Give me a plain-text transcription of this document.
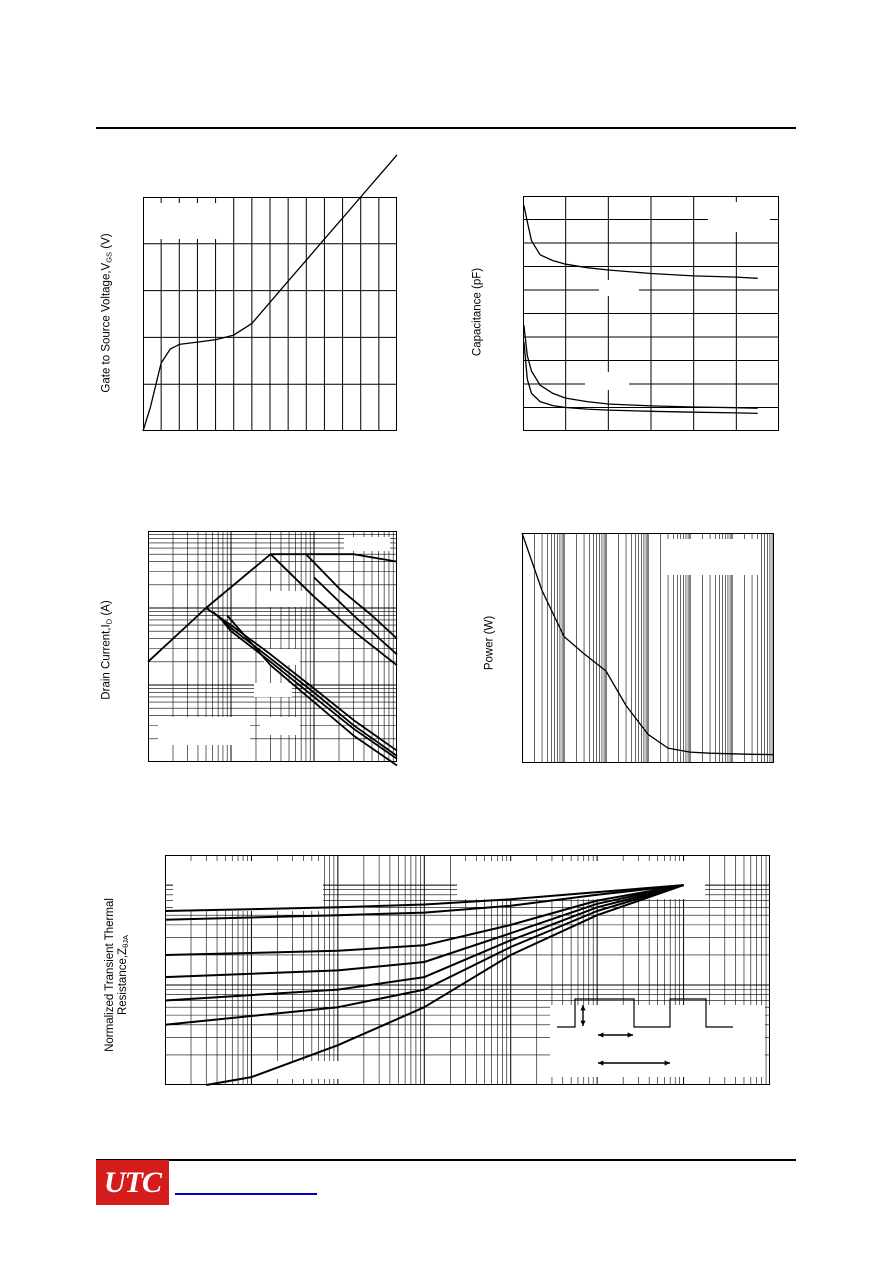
Gate to Source $Voltage,V_{GS}$ (V)
Capacitance (pF)
Drain $Current,I_D$ (A)
Power (W)
Normalized Transient Thermal $Resistance,Z_{\theta JA}$
UTC
